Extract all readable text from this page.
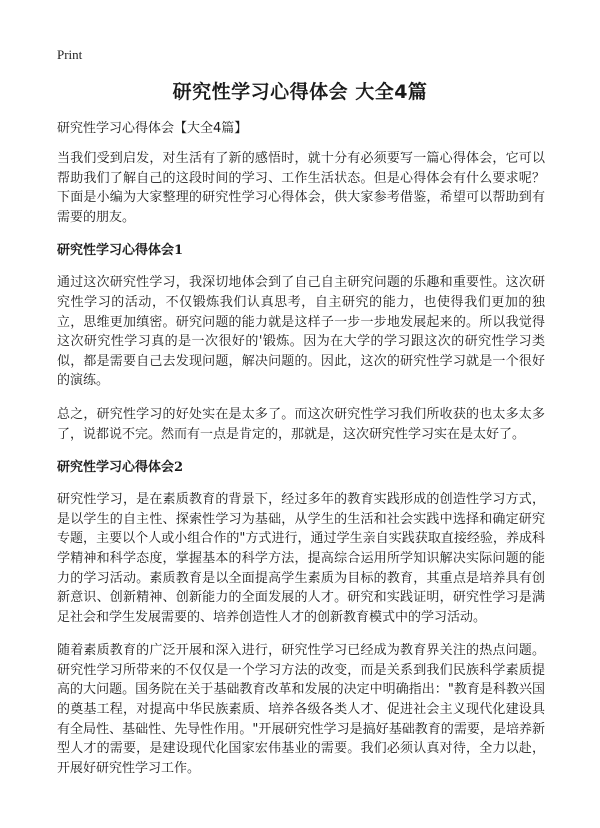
Print
研究性学习心得体会 大全4篇

研究性学习心得体会【大全4篇】

当我们受到启发，对生活有了新的感悟时，就十分有必须要写一篇心得体会，它可以帮助我们了解自己的这段时间的学习、工作生活状态。但是心得体会有什么要求呢？下面是小编为大家整理的研究性学习心得体会，供大家参考借鉴，希望可以帮助到有需要的朋友。

研究性学习心得体会1

通过这次研究性学习，我深切地体会到了自己自主研究问题的乐趣和重要性。这次研究性学习的活动，不仅锻炼我们认真思考，自主研究的能力，也使得我们更加的独立，思维更加缜密。研究问题的能力就是这样子一步一步地发展起来的。所以我觉得这次研究性学习真的是一次很好的'锻炼。因为在大学的学习跟这次的研究性学习类似，都是需要自己去发现问题，解决问题的。因此，这次的研究性学习就是一个很好的演练。

总之，研究性学习的好处实在是太多了。而这次研究性学习我们所收获的也太多太多了，说都说不完。然而有一点是肯定的，那就是，这次研究性学习实在是太好了。

研究性学习心得体会2

研究性学习，是在素质教育的背景下，经过多年的教育实践形成的创造性学习方式，是以学生的自主性、探索性学习为基础，从学生的生活和社会实践中选择和确定研究专题，主要以个人或小组合作的"方式进行，通过学生亲自实践获取直接经验，养成科学精神和科学态度，掌握基本的科学方法，提高综合运用所学知识解决实际问题的能力的学习活动。素质教育是以全面提高学生素质为目标的教育，其重点是培养具有创新意识、创新精神、创新能力的全面发展的人才。研究和实践证明，研究性学习是满足社会和学生发展需要的、培养创造性人才的创新教育模式中的学习活动。

随着素质教育的广泛开展和深入进行，研究性学习已经成为教育界关注的热点问题。研究性学习所带来的不仅仅是一个学习方法的改变，而是关系到我们民族科学素质提高的大问题。国务院在关于基础教育改革和发展的决定中明确指出："教育是科教兴国的奠基工程，对提高中华民族素质、培养各级各类人才、促进社会主义现代化建设具有全局性、基础性、先导性作用。"开展研究性学习是搞好基础教育的需要，是培养新型人才的需要，是建设现代化国家宏伟基业的需要。我们必须认真对待，全力以赴，开展好研究性学习工作。
